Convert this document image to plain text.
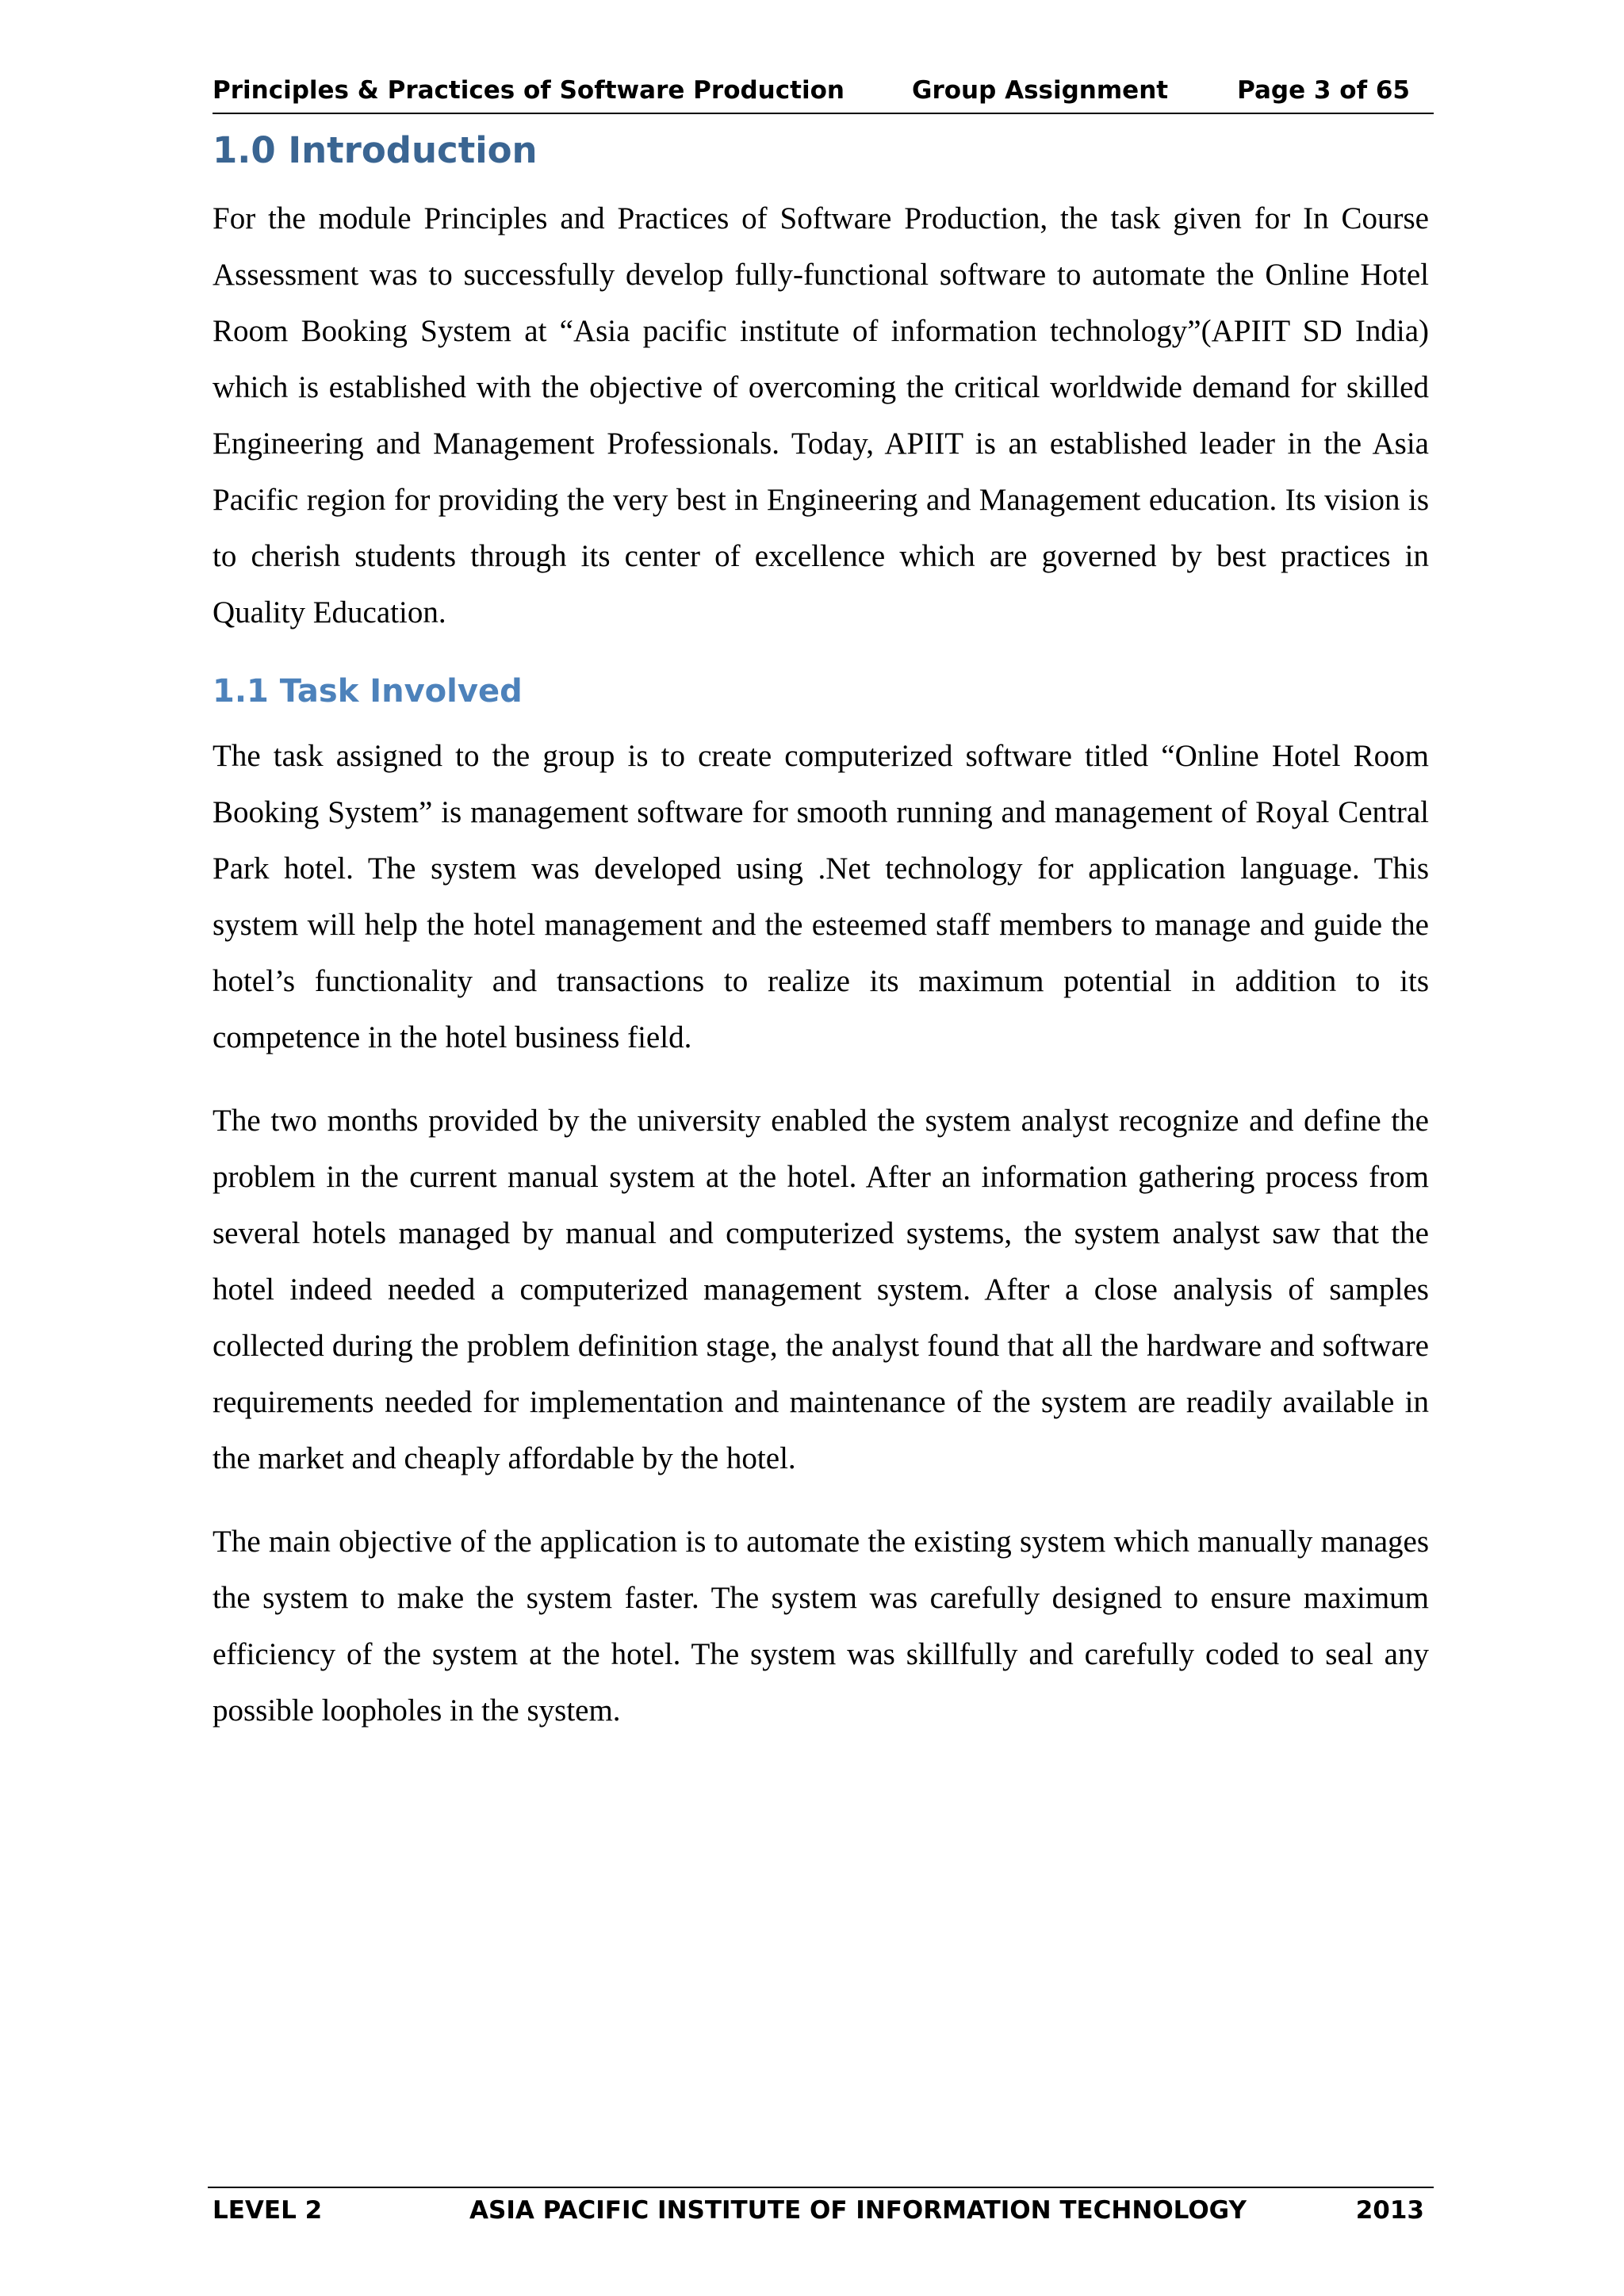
Principles & Practices of Software Production	Group Assignment	Page 3 of 65
1.0 Introduction

For the module Principles and Practices of Software Production, the task given for In Course Assessment was to successfully develop fully-functional software to automate the Online Hotel Room Booking System at “Asia pacific institute of information technology”(APIIT SD India) which is established with the objective of overcoming the critical worldwide demand for skilled Engineering and Management Professionals. Today, APIIT is an established leader in the Asia Pacific region for providing the very best in Engineering and Management education. Its vision is to cherish students through its center of excellence which are governed by best practices in Quality Education.

1.1 Task Involved

The task assigned to the group is to create computerized software titled “Online Hotel Room Booking System” is management software for smooth running and management of Royal Central Park hotel. The system was developed using .Net technology for application language. This system will help the hotel management and the esteemed staff members to manage and guide the hotel’s functionality and transactions to realize its maximum potential in addition to its competence in the hotel business field.

The two months provided by the university enabled the system analyst recognize and define the problem in the current manual system at the hotel. After an information gathering process from several hotels managed by manual and computerized systems, the system analyst saw that the hotel indeed needed a computerized management system. After a close analysis of samples collected during the problem definition stage, the analyst found that all the hardware and software requirements needed for implementation and maintenance of the system are readily available in the market and cheaply affordable by the hotel.

The main objective of the application is to automate the existing system which manually manages the system to make the system faster. The system was carefully designed to ensure maximum efficiency of the system at the hotel. The system was skillfully and carefully coded to seal any possible loopholes in the system.

LEVEL 2	ASIA PACIFIC INSTITUTE OF INFORMATION TECHNOLOGY	2013
